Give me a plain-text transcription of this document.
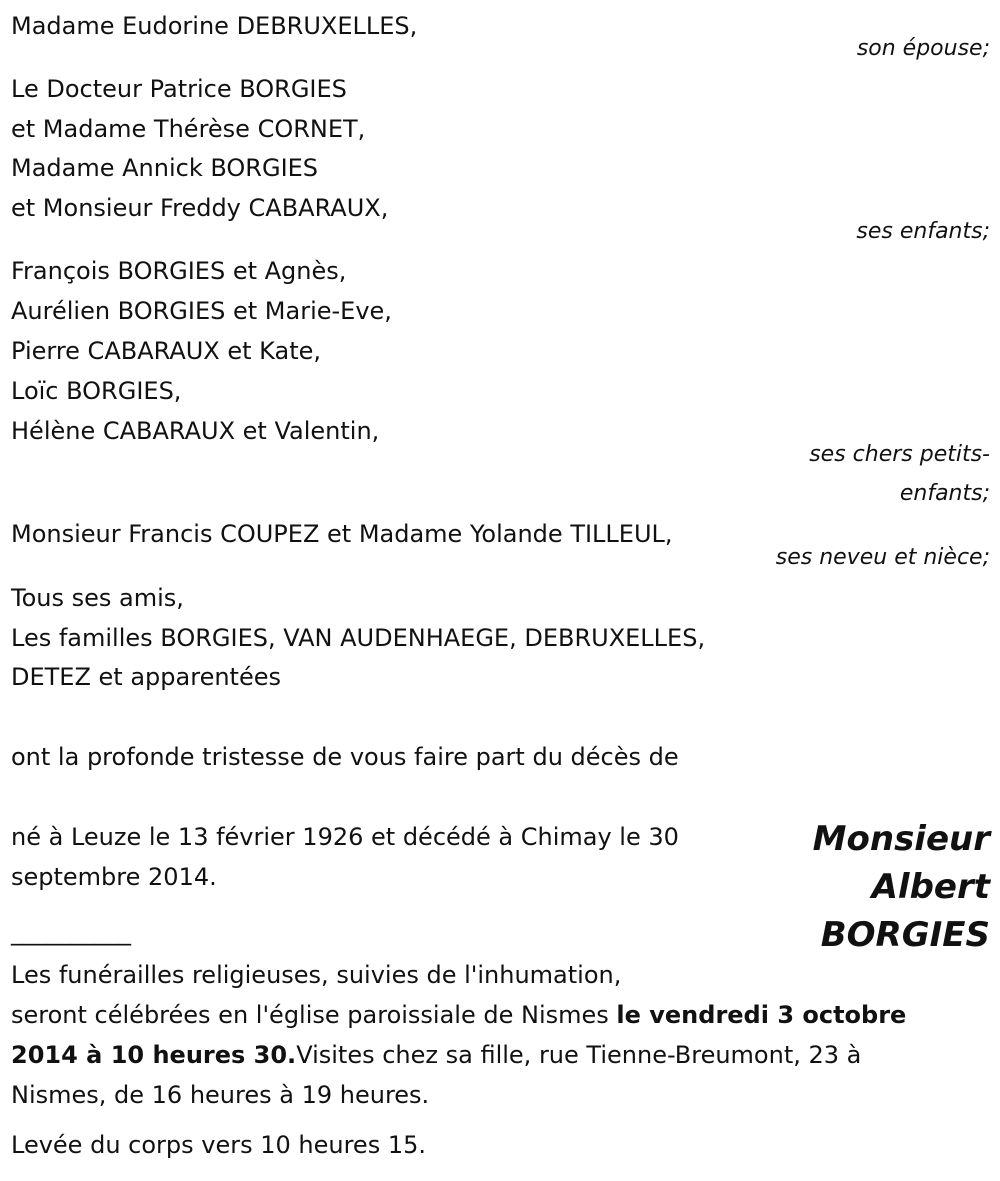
Madame Eudorine DEBRUXELLES,

son épouse;

Le Docteur Patrice BORGIES

et Madame Thérèse CORNET,

Madame Annick BORGIES

et Monsieur Freddy CABARAUX,

ses enfants;

François BORGIES et Agnès,

Aurélien BORGIES et Marie-Eve,

Pierre CABARAUX et Kate,

Loïc BORGIES,

Hélène CABARAUX et Valentin,

ses chers petits-
enfants;

Monsieur Francis COUPEZ et Madame Yolande TILLEUL,

ses neveu et nièce;

Tous ses amis,

Les familles BORGIES, VAN AUDENHAEGE, DEBRUXELLES,

DETEZ et apparentées

ont la profonde tristesse de vous faire part du décès de

Monsieur
Albert
BORGIES

né à Leuze le 13 février 1926 et décédé à Chimay le 30

septembre 2014.

__________

Les funérailles religieuses, suivies de l'inhumation,

seront célébrées en l'église paroissiale de Nismes le vendredi 3 octobre

2014 à 10 heures 30.Visites chez sa fille, rue Tienne-Breumont, 23 à

Nismes, de 16 heures à 19 heures.

Levée du corps vers 10 heures 15.
